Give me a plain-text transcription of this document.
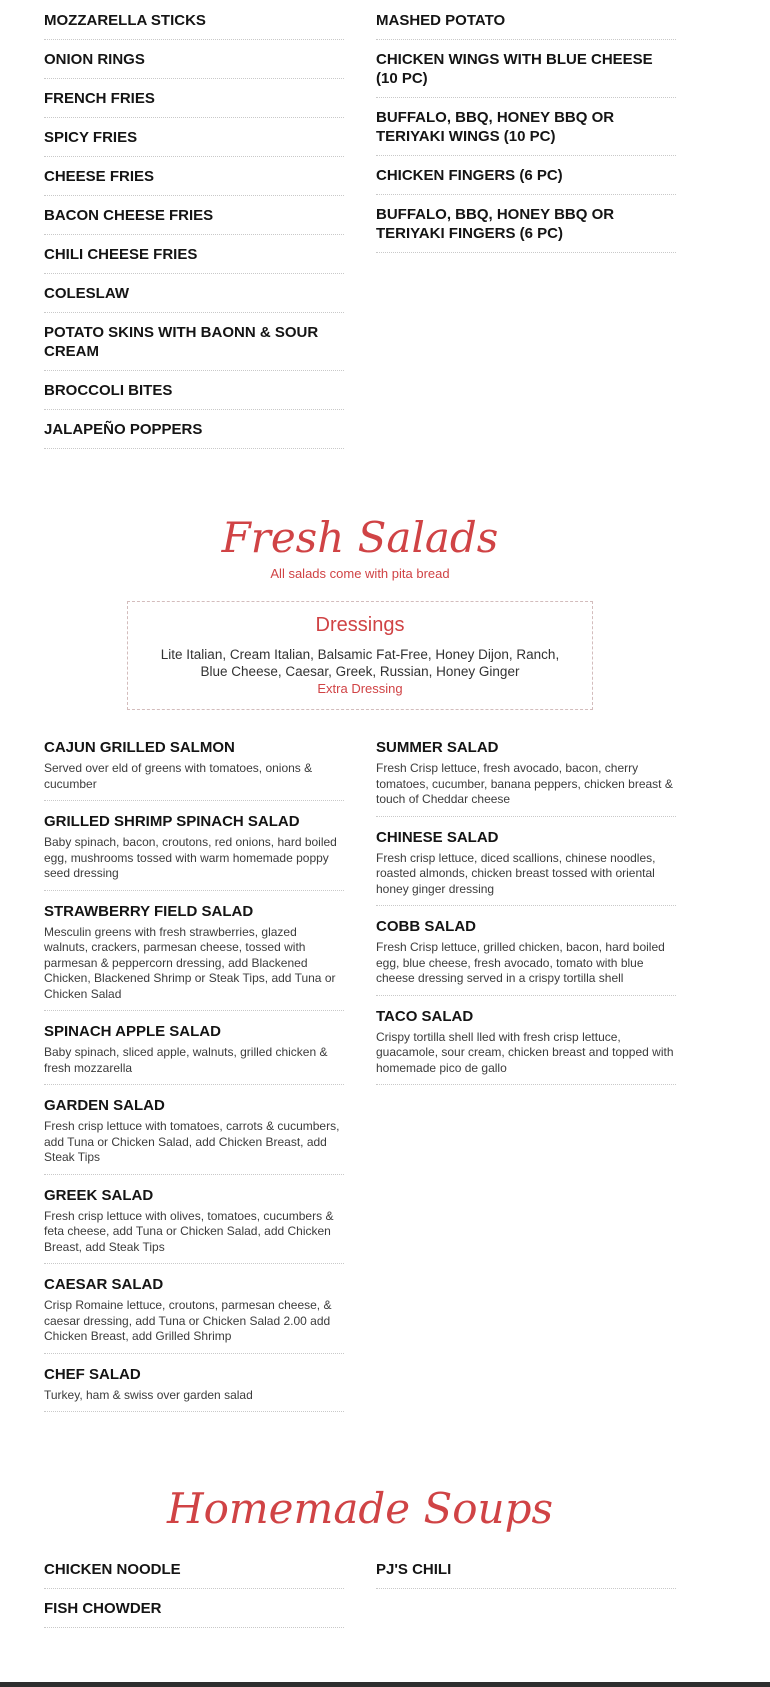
MOZZARELLA STICKS
ONION RINGS
FRENCH FRIES
SPICY FRIES
CHEESE FRIES
BACON CHEESE FRIES
CHILI CHEESE FRIES
COLESLAW
POTATO SKINS WITH BAONN & SOUR CREAM
BROCCOLI BITES
JALAPEÑO POPPERS
MASHED POTATO
CHICKEN WINGS WITH BLUE CHEESE (10 PC)
BUFFALO, BBQ, HONEY BBQ OR TERIYAKI WINGS (10 PC)
CHICKEN FINGERS (6 PC)
BUFFALO, BBQ, HONEY BBQ OR TERIYAKI FINGERS (6 PC)
Fresh Salads
All salads come with pita bread
Dressings

Lite Italian, Cream Italian, Balsamic Fat-Free, Honey Dijon, Ranch, Blue Cheese, Caesar, Greek, Russian, Honey Ginger

Extra Dressing

CAJUN GRILLED SALMON

Served over eld of greens with tomatoes, onions & cucumber

GRILLED SHRIMP SPINACH SALAD

Baby spinach, bacon, croutons, red onions, hard boiled egg, mushrooms tossed with warm homemade poppy seed dressing

STRAWBERRY FIELD SALAD

Mesculin greens with fresh strawberries, glazed walnuts, crackers, parmesan cheese, tossed with parmesan & peppercorn dressing, add Blackened Chicken, Blackened Shrimp or Steak Tips, add Tuna or Chicken Salad

SPINACH APPLE SALAD

Baby spinach, sliced apple, walnuts, grilled chicken & fresh mozzarella

GARDEN SALAD

Fresh crisp lettuce with tomatoes, carrots & cucumbers, add Tuna or Chicken Salad, add Chicken Breast, add Steak Tips

GREEK SALAD

Fresh crisp lettuce with olives, tomatoes, cucumbers & feta cheese, add Tuna or Chicken Salad, add Chicken Breast, add Steak Tips

CAESAR SALAD

Crisp Romaine lettuce, croutons, parmesan cheese, & caesar dressing, add Tuna or Chicken Salad 2.00 add Chicken Breast, add Grilled Shrimp

CHEF SALAD

Turkey, ham & swiss over garden salad

SUMMER SALAD

Fresh Crisp lettuce, fresh avocado, bacon, cherry tomatoes, cucumber, banana peppers, chicken breast & touch of Cheddar cheese

CHINESE SALAD

Fresh crisp lettuce, diced scallions, chinese noodles, roasted almonds, chicken breast tossed with oriental honey ginger dressing

COBB SALAD

Fresh Crisp lettuce, grilled chicken, bacon, hard boiled egg, blue cheese, fresh avocado, tomato with blue cheese dressing served in a crispy tortilla shell

TACO SALAD

Crispy tortilla shell lled with fresh crisp lettuce, guacamole, sour cream, chicken breast and topped with homemade pico de gallo

Homemade Soups
CHICKEN NOODLE
FISH CHOWDER
PJ'S CHILI
